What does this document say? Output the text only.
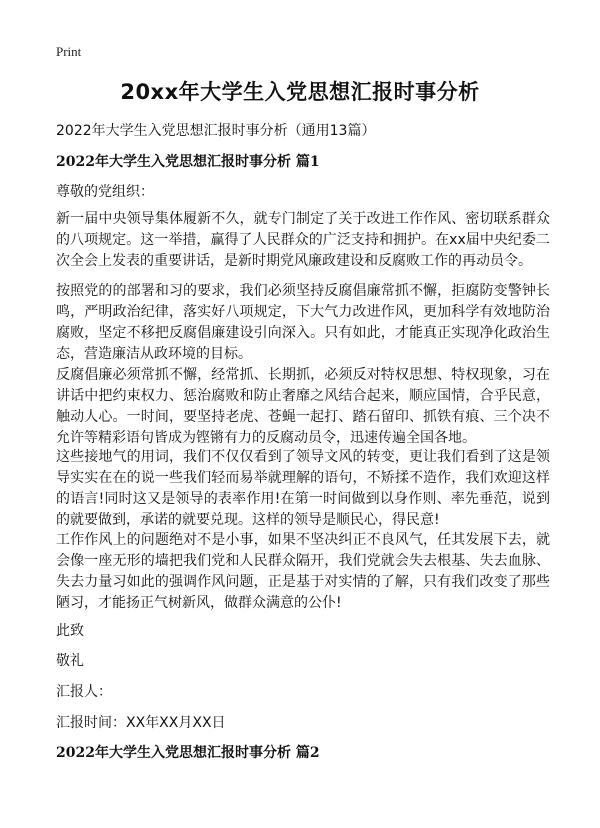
Print
20xx年大学生入党思想汇报时事分析

2022年大学生入党思想汇报时事分析（通用13篇）

2022年大学生入党思想汇报时事分析 篇1

尊敬的党组织：

新一届中央领导集体履新不久，就专门制定了关于改进工作作风、密切联系群众的八项规定。这一举措，赢得了人民群众的广泛支持和拥护。在xx届中央纪委二次全会上发表的重要讲话，是新时期党风廉政建设和反腐败工作的再动员令。

按照党的的部署和习的要求，我们必须坚持反腐倡廉常抓不懈，拒腐防变警钟长鸣，严明政治纪律，落实好八项规定，下大气力改进作风，更加科学有效地防治腐败，坚定不移把反腐倡廉建设引向深入。只有如此，才能真正实现净化政治生态，营造廉洁从政环境的目标。

反腐倡廉必须常抓不懈，经常抓、长期抓，必须反对特权思想、特权现象，习在讲话中把约束权力、惩治腐败和防止奢靡之风结合起来，顺应国情，合乎民意，触动人心。一时间，要坚持老虎、苍蝇一起打、踏石留印、抓铁有痕、三个决不允许等精彩语句皆成为铿锵有力的反腐动员令，迅速传遍全国各地。

这些接地气的用词，我们不仅仅看到了领导文风的转变，更让我们看到了这是领导实实在在的说一些我们轻而易举就理解的语句，不矫揉不造作，我们欢迎这样的语言!同时这又是领导的表率作用!在第一时间做到以身作则、率先垂范，说到的就要做到，承诺的就要兑现。这样的领导是顺民心，得民意!

工作作风上的问题绝对不是小事，如果不坚决纠正不良风气，任其发展下去，就会像一座无形的墙把我们党和人民群众隔开，我们党就会失去根基、失去血脉、失去力量习如此的强调作风问题，正是基于对实情的了解，只有我们改变了那些陋习，才能扬正气树新风，做群众满意的公仆!

此致

敬礼

汇报人：

汇报时间：XX年XX月XX日

2022年大学生入党思想汇报时事分析 篇2
